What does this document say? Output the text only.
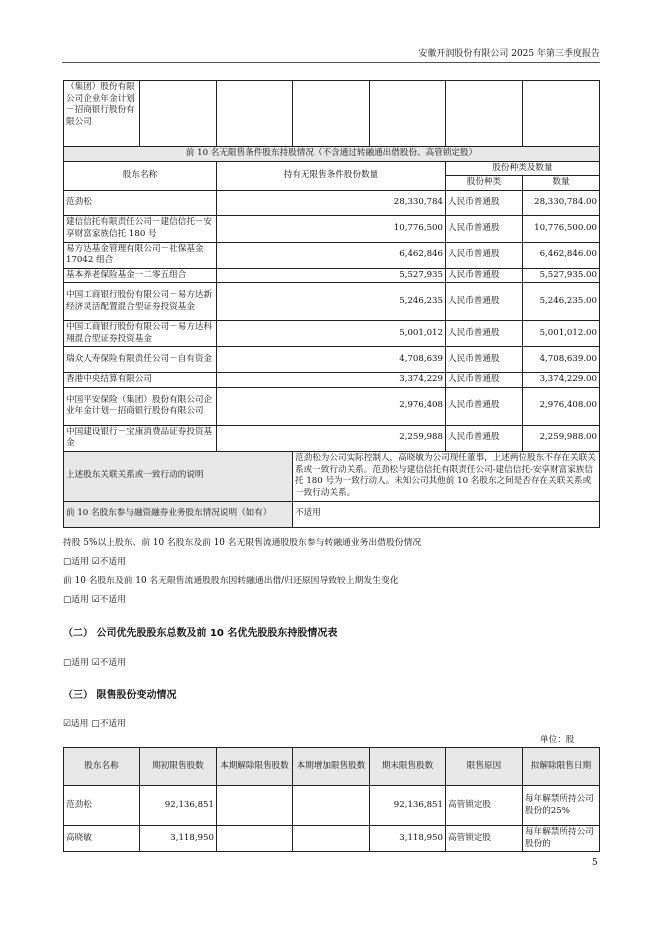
安徽开润股份有限公司 2025 年第三季度报告
（集团）股份有限公司企业年金计划－招商银行股份有限公司						
前 10 名无限售条件股东持股情况（不含通过转融通出借股份、高管锁定股）						
股东名称		持有无限售条件股份数量			股份种类及数量	
					股份种类	数量
范劲松		28,330,784			人民币普通股	28,330,784.00
建信信托有限责任公司－建信信托－安享财富家族信托 180 号		10,776,500			人民币普通股	10,776,500.00
易方达基金管理有限公司－社保基金 17042 组合		6,462,846			人民币普通股	6,462,846.00
基本养老保险基金一二零五组合		5,527,935			人民币普通股	5,527,935.00
中国工商银行股份有限公司－易方达新经济灵活配置混合型证券投资基金		5,246,235			人民币普通股	5,246,235.00
中国工商银行股份有限公司－易方达科翔混合型证券投资基金		5,001,012			人民币普通股	5,001,012.00
瑞众人寿保险有限责任公司－自有资金		4,708,639			人民币普通股	4,708,639.00
香港中央结算有限公司		3,374,229			人民币普通股	3,374,229.00
中国平安保险（集团）股份有限公司企业年金计划－招商银行股份有限公司		2,976,408			人民币普通股	2,976,408.00
中国建设银行－宝康消费品证券投资基金		2,259,988			人民币普通股	2,259,988.00
上述股东关联关系或一致行动的说明			范劲松为公司实际控制人，高晓敏为公司现任董事，上述两位股东不存在关联关系或一致行动关系。范劲松与建信信托有限责任公司-建信信托-安享财富家族信托 180 号为一致行动人。未知公司其他前 10 名股东之间是否存在关联关系或一致行动关系。			
前 10 名股东参与融资融券业务股东情况说明（如有）			不适用			
持股 5%以上股东、前 10 名股东及前 10 名无限售流通股股东参与转融通业务出借股份情况
□适用 ☑不适用
前 10 名股东及前 10 名无限售流通股股东因转融通出借/归还原因导致较上期发生变化
□适用 ☑不适用
（二） 公司优先股股东总数及前 10 名优先股股东持股情况表
□适用 ☑不适用
（三） 限售股份变动情况
☑适用 □不适用
单位：股
股东名称	期初限售股数	本期解除限售股数	本期增加限售股数	期末限售股数	限售原因	拟解除限售日期
范劲松	92,136,851			92,136,851	高管锁定股	每年解禁所持公司股份的25%
高晓敏	3,118,950			3,118,950	高管锁定股	每年解禁所持公司股份的
5
